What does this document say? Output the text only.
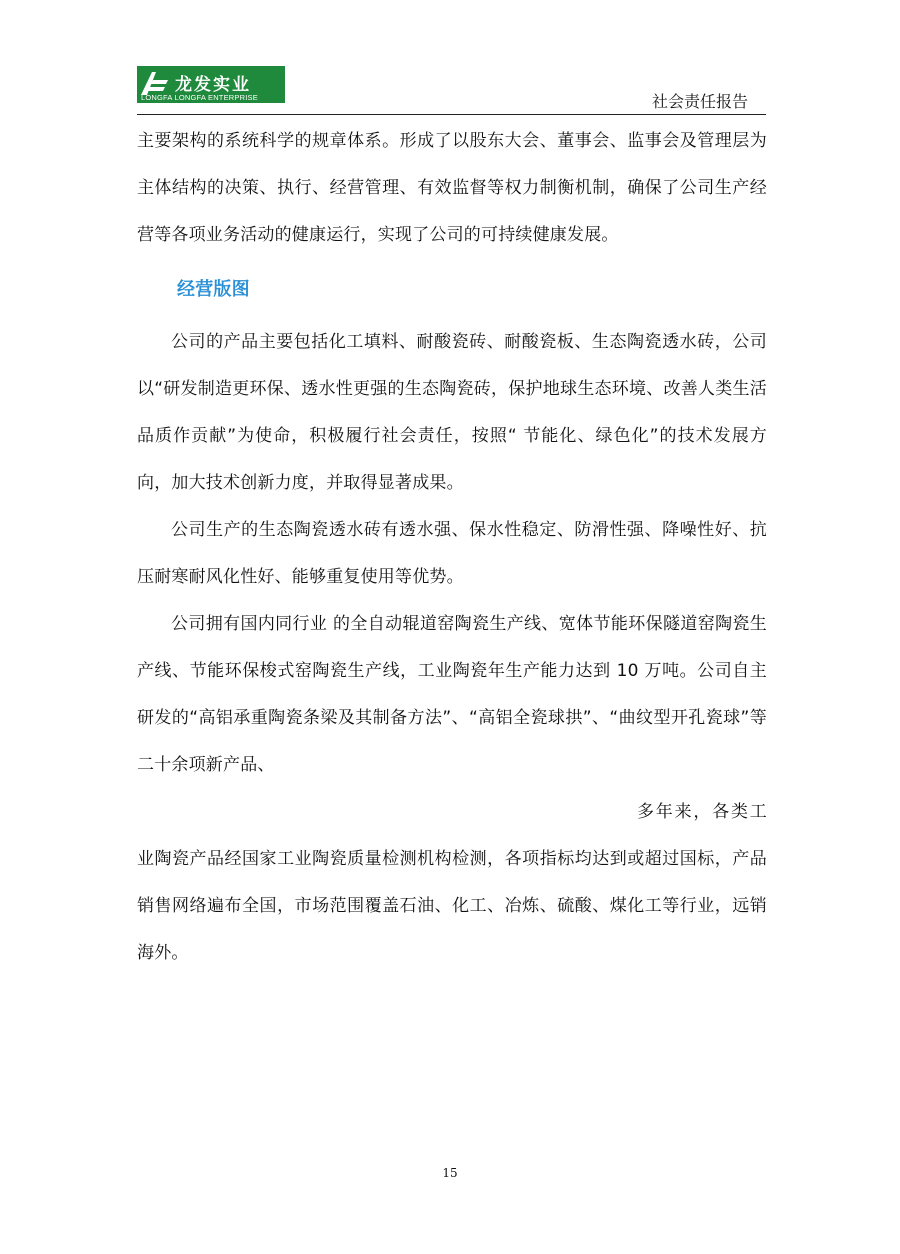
龙发实业
LONGFA LONGFA ENTERPRISE	社会责任报告

主要架构的系统科学的规章体系。形成了以股东大会、董事会、监事会及管理层为主体结构的决策、执行、经营管理、有效监督等权力制衡机制，确保了公司生产经营等各项业务活动的健康运行，实现了公司的可持续健康发展。

经营版图

公司的产品主要包括化工填料、耐酸瓷砖、耐酸瓷板、生态陶瓷透水砖，公司以“研发制造更环保、透水性更强的生态陶瓷砖，保护地球生态环境、改善人类生活品质作贡献”为使命，积极履行社会责任，按照“ 节能化、绿色化”的技术发展方向，加大技术创新力度，并取得显著成果。

公司生产的生态陶瓷透水砖有透水强、保水性稳定、防滑性强、降噪性好、抗压耐寒耐风化性好、能够重复使用等优势。

公司拥有国内同行业 的全自动辊道窑陶瓷生产线、宽体节能环保隧道窑陶瓷生产线、节能环保梭式窑陶瓷生产线，工业陶瓷年生产能力达到 10 万吨。公司自主研发的“高铝承重陶瓷条梁及其制备方法”、“高铝全瓷球拱”、“曲纹型开孔瓷球”等二十余项新产品、

多年来，各类工业陶瓷产品经国家工业陶瓷质量检测机构检测，各项指标均达到或超过国标，产品销售网络遍布全国，市场范围覆盖石油、化工、冶炼、硫酸、煤化工等行业，远销海外。

15
